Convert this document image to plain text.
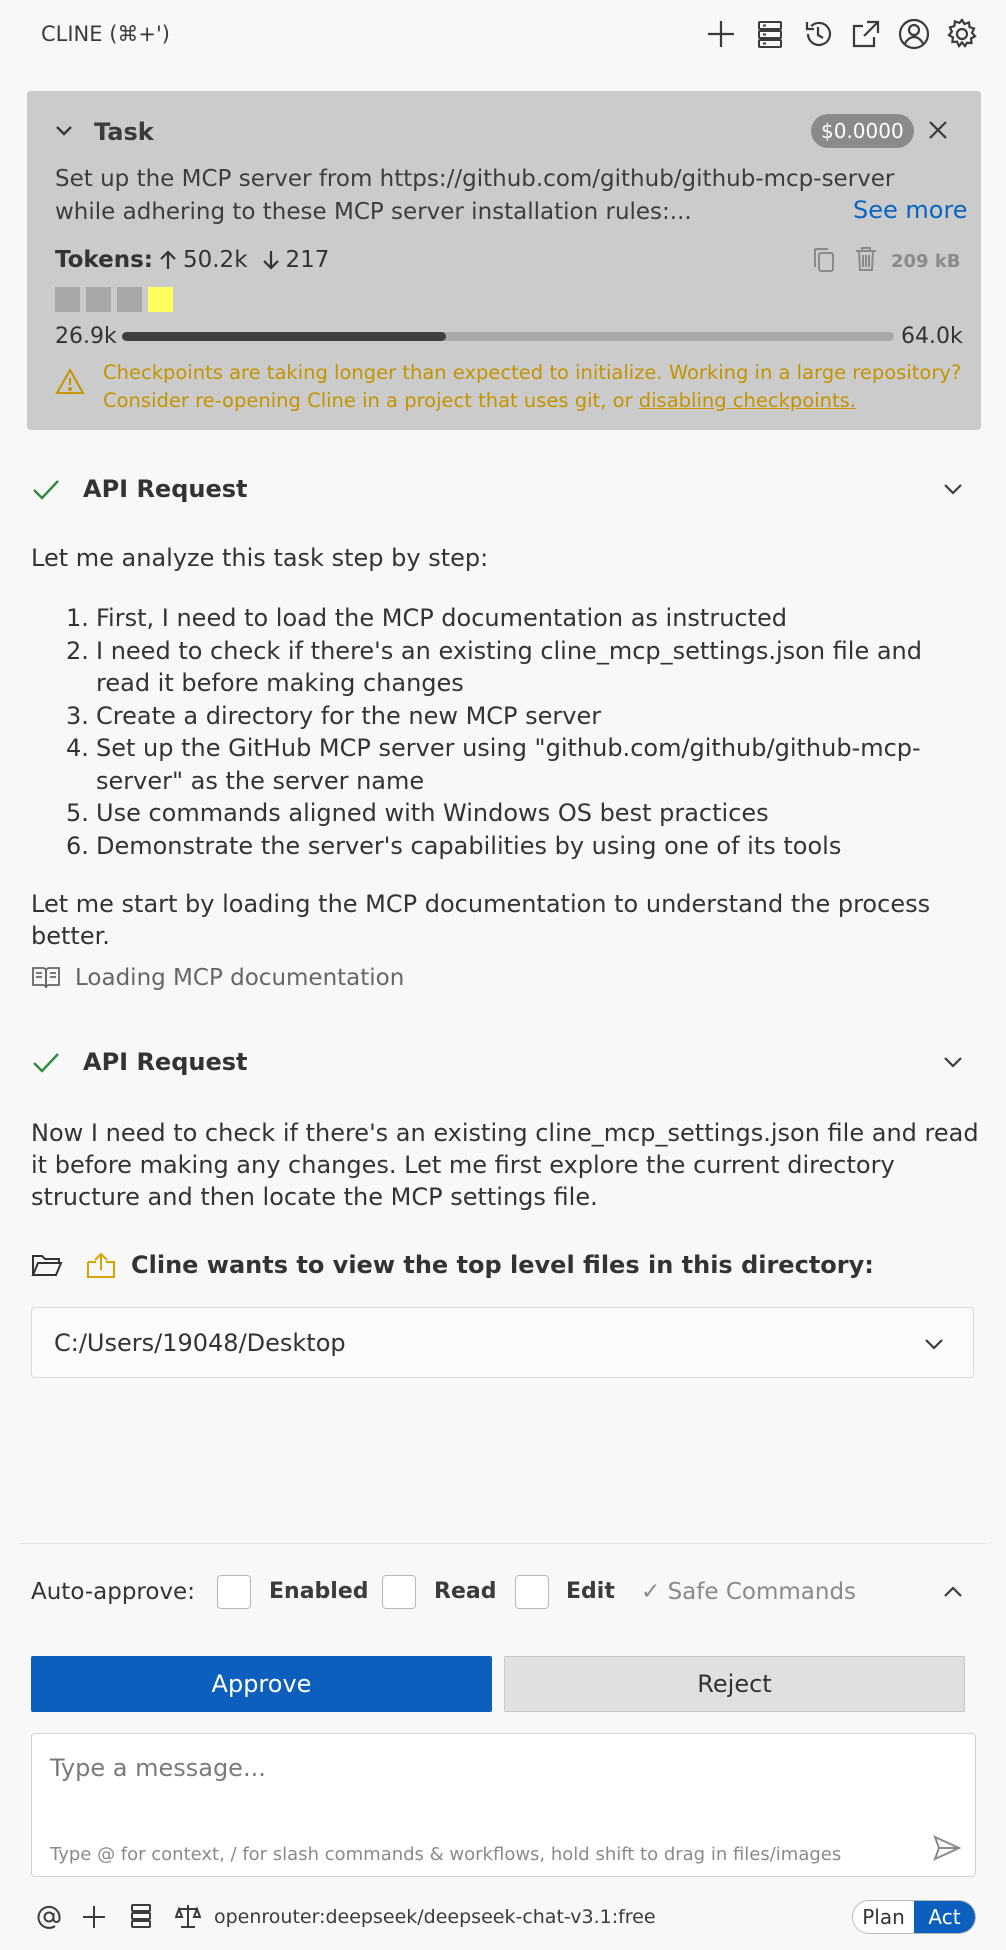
CLINE (⌘+')
Task	$0.0000
Set up the MCP server from https://github.com/github/github-mcp-server while adhering to these MCP server installation rules:...	See more
Tokens: 50.2k 217	209 kB
26.9k	64.0k
Checkpoints are taking longer than expected to initialize. Working in a large repository? Consider re-opening Cline in a project that uses git, or disabling checkpoints.
API Request
Let me analyze this task step by step:
1. First, I need to load the MCP documentation as instructed
2. I need to check if there's an existing cline_mcp_settings.json file and read it before making changes
3. Create a directory for the new MCP server
4. Set up the GitHub MCP server using "github.com/github/github-mcp-server" as the server name
5. Use commands aligned with Windows OS best practices
6. Demonstrate the server's capabilities by using one of its tools
Let me start by loading the MCP documentation to understand the process better.
Loading MCP documentation
API Request
Now I need to check if there's an existing cline_mcp_settings.json file and read it before making any changes. Let me first explore the current directory structure and then locate the MCP settings file.
Cline wants to view the top level files in this directory:
C:/Users/19048/Desktop
Auto-approve:	Enabled	Read	Edit ✓ Safe Commands
Approve	Reject
Type a message...
Type @ for context, / for slash commands & workflows, hold shift to drag in files/images
openrouter:deepseek/deepseek-chat-v3.1:free	Plan	Act
